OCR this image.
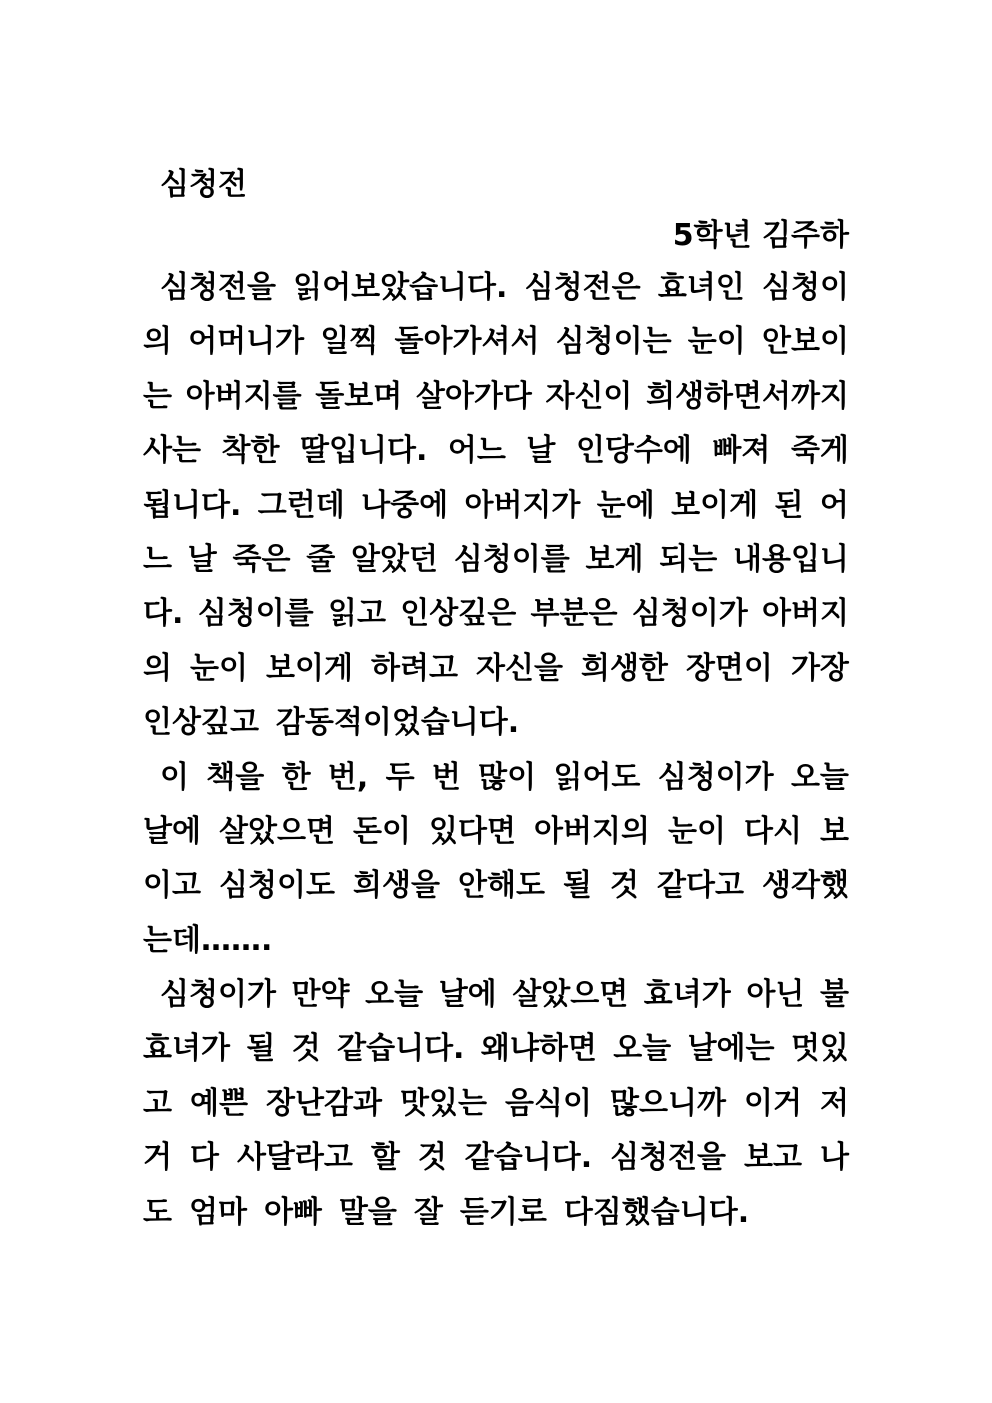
심청전
5학년 김주하
심청전을 읽어보았습니다. 심청전은 효녀인 심청이
의 어머니가 일찍 돌아가셔서 심청이는 눈이 안보이
는 아버지를 돌보며 살아가다 자신이 희생하면서까지
사는 착한 딸입니다. 어느 날 인당수에 빠져 죽게
됩니다. 그런데 나중에 아버지가 눈에 보이게 된 어
느 날 죽은 줄 알았던 심청이를 보게 되는 내용입니
다. 심청이를 읽고 인상깊은 부분은 심청이가 아버지
의 눈이 보이게 하려고 자신을 희생한 장면이 가장
인상깊고 감동적이었습니다.
이 책을 한 번, 두 번 많이 읽어도 심청이가 오늘
날에 살았으면 돈이 있다면 아버지의 눈이 다시 보
이고 심청이도 희생을 안해도 될 것 같다고 생각했
는데…….
심청이가 만약 오늘 날에 살았으면 효녀가 아닌 불
효녀가 될 것 같습니다. 왜냐하면 오늘 날에는 멋있
고 예쁜 장난감과 맛있는 음식이 많으니까 이거 저
거 다 사달라고 할 것 같습니다. 심청전을 보고 나
도 엄마 아빠 말을 잘 듣기로 다짐했습니다.
